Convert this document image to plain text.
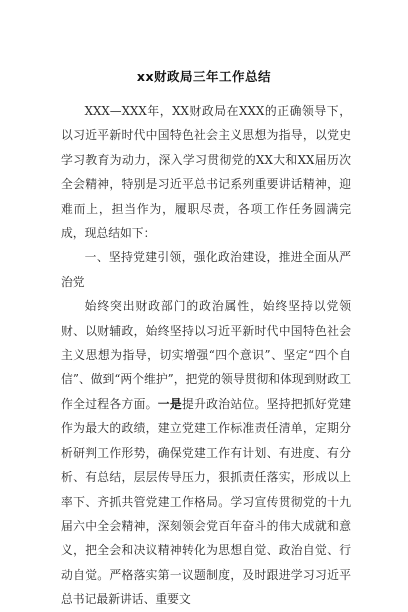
xx财政局三年工作总结

XXX—XXX年，XX财政局在XXX的正确领导下，以习近平新时代中国特色社会主义思想为指导，以党史学习教育为动力，深入学习贯彻党的XX大和XX届历次全会精神，特别是习近平总书记系列重要讲话精神，迎难而上，担当作为，履职尽责，各项工作任务圆满完成，现总结如下：

一、坚持党建引领，强化政治建设，推进全面从严治党

始终突出财政部门的政治属性，始终坚持以党领财、以财辅政，始终坚持以习近平新时代中国特色社会主义思想为指导，切实增强“四个意识”、坚定“四个自信”、做到“两个维护”，把党的领导贯彻和体现到财政工作全过程各方面。一是提升政治站位。坚持把抓好党建作为最大的政绩，建立党建工作标准责任清单，定期分析研判工作形势，确保党建工作有计划、有进度、有分析、有总结，层层传导压力，狠抓责任落实，形成以上率下、齐抓共管党建工作格局。学习宣传贯彻党的十九届六中全会精神，深刻领会党百年奋斗的伟大成就和意义，把全会和决议精神转化为思想自觉、政治自觉、行动自觉。严格落实第一议题制度，及时跟进学习习近平总书记最新讲话、重要文
